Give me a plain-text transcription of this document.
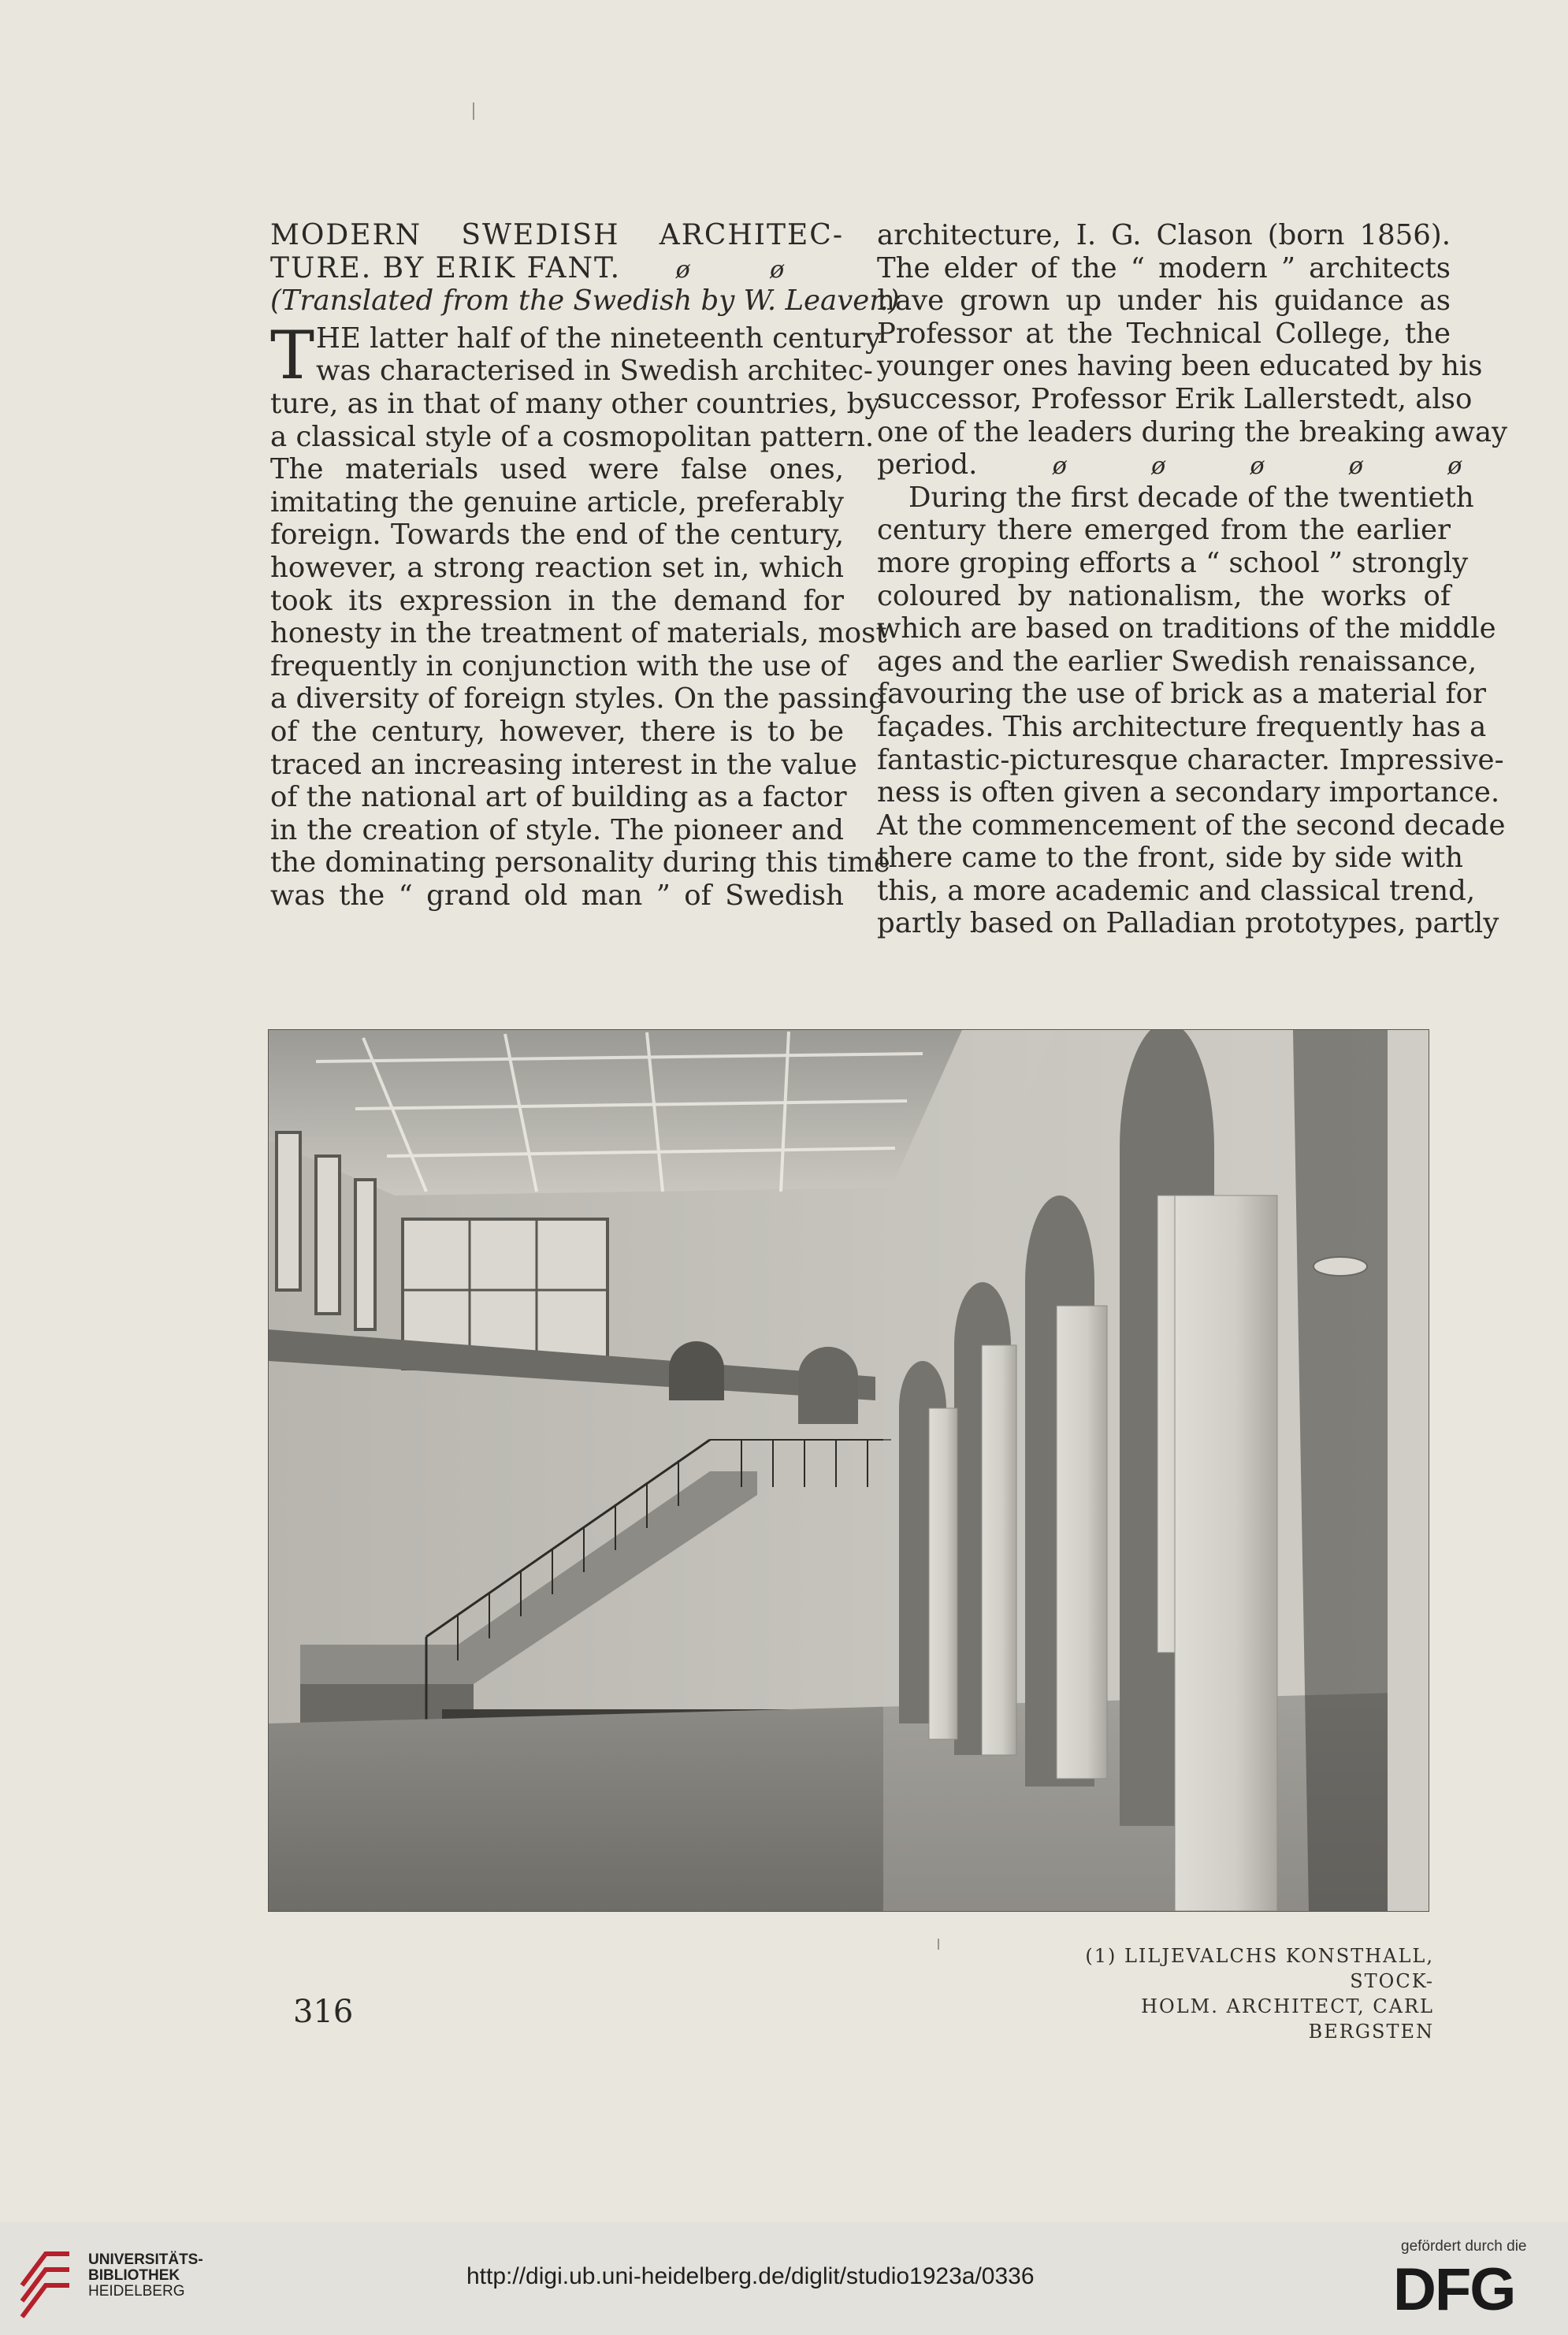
MODERN SWEDISH ARCHITEC-
TURE. BY ERIK FANT. ø	ø
(Translated from the Swedish by W. Leaver.)
T HE latter half of the nineteenth century
was characterised in Swedish architec-
ture, as in that of many other countries, by
a classical style of a cosmopolitan pattern.
The materials used were false ones,
imitating the genuine article, preferably
foreign. Towards the end of the century,
however, a strong reaction set in, which
took its expression in the demand for
honesty in the treatment of materials, most
frequently in conjunction with the use of
a diversity of foreign styles. On the passing
of the century, however, there is to be
traced an increasing interest in the value
of the national art of building as a factor
in the creation of style. The pioneer and
the dominating personality during this time
was the “ grand old man ” of Swedish
architecture, I. G. Clason (born 1856).
The elder of the “ modern ” architects
have grown up under his guidance as
Professor at the Technical College, the
younger ones having been educated by his
successor, Professor Erik Lallerstedt, also
one of the leaders during the breaking away
period.	ø	ø	ø	ø	ø
During the first decade of the twentieth
century there emerged from the earlier
more groping efforts a “ school ” strongly
coloured by nationalism, the works of
which are based on traditions of the middle
ages and the earlier Swedish renaissance,
favouring the use of brick as a material for
façades. This architecture frequently has a
fantastic-picturesque character. Impressive-
ness is often given a secondary importance.
At the commencement of the second decade
there came to the front, side by side with
this, a more academic and classical trend,
partly based on Palladian prototypes, partly
(1) LILJEVALCHS KONSTHALL, STOCK-
HOLM. ARCHITECT, CARL BERGSTEN
316
UNIVERSITÄTS-
BIBLIOTHEK
HEIDELBERG
http://digi.ub.uni-heidelberg.de/diglit/studio1923a/0336
gefördert durch die
DFG
